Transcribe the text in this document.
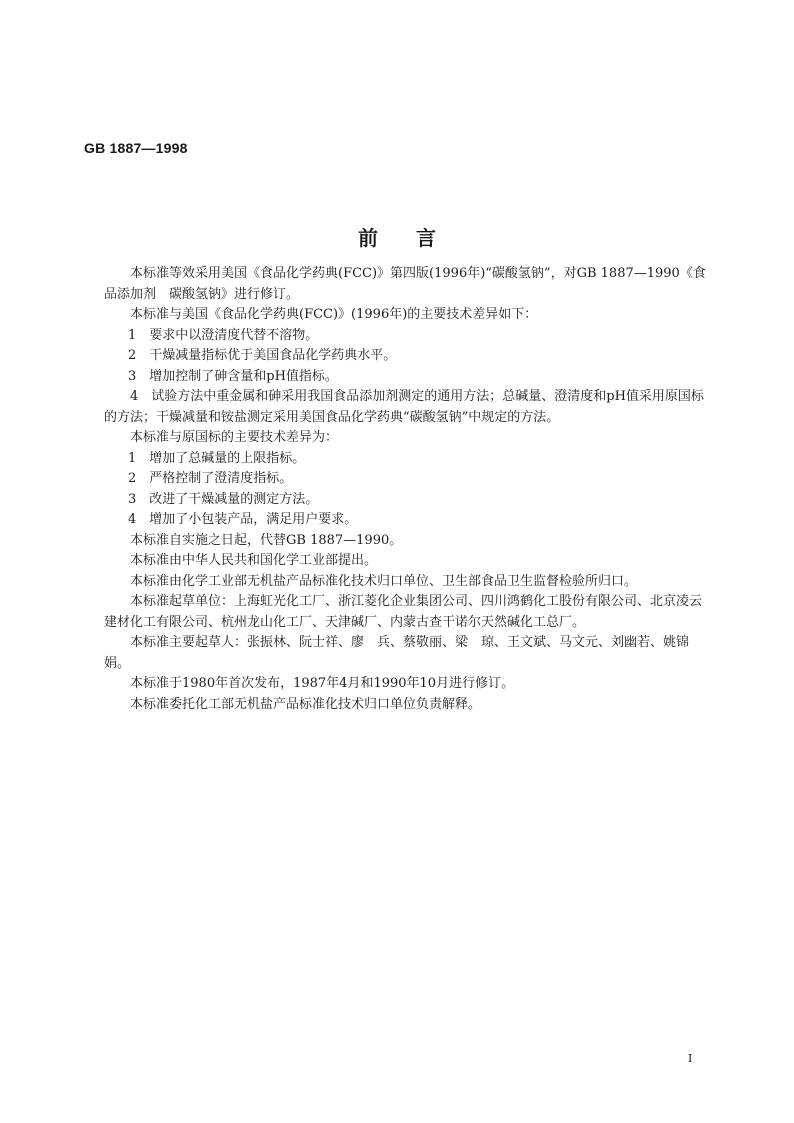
GB 1887—1998
前言

本标准等效采用美国《食品化学药典(FCC)》第四版(1996年)“碳酸氢钠”，对GB 1887—1990《食品添加剂　碳酸氢钠》进行修订。

本标准与美国《食品化学药典(FCC)》(1996年)的主要技术差异如下：

1　要求中以澄清度代替不溶物。

2　干燥减量指标优于美国食品化学药典水平。

3　增加控制了砷含量和pH值指标。

4　试验方法中重金属和砷采用我国食品添加剂测定的通用方法；总碱量、澄清度和pH值采用原国标的方法；干燥减量和铵盐测定采用美国食品化学药典“碳酸氢钠”中规定的方法。

本标准与原国标的主要技术差异为：

1　增加了总碱量的上限指标。

2　严格控制了澄清度指标。

3　改进了干燥减量的测定方法。

4　增加了小包装产品，满足用户要求。

本标准自实施之日起，代替GB 1887—1990。

本标准由中华人民共和国化学工业部提出。

本标准由化学工业部无机盐产品标准化技术归口单位、卫生部食品卫生监督检验所归口。

本标准起草单位：上海虹光化工厂、浙江菱化企业集团公司、四川鸿鹤化工股份有限公司、北京凌云建材化工有限公司、杭州龙山化工厂、天津碱厂、内蒙古查干诺尔天然碱化工总厂。

本标准主要起草人：张振林、阮士祥、廖　兵、蔡敬丽、梁　琼、王文斌、马文元、刘幽若、姚锦娟。

本标准于1980年首次发布，1987年4月和1990年10月进行修订。

本标准委托化工部无机盐产品标准化技术归口单位负责解释。

I
